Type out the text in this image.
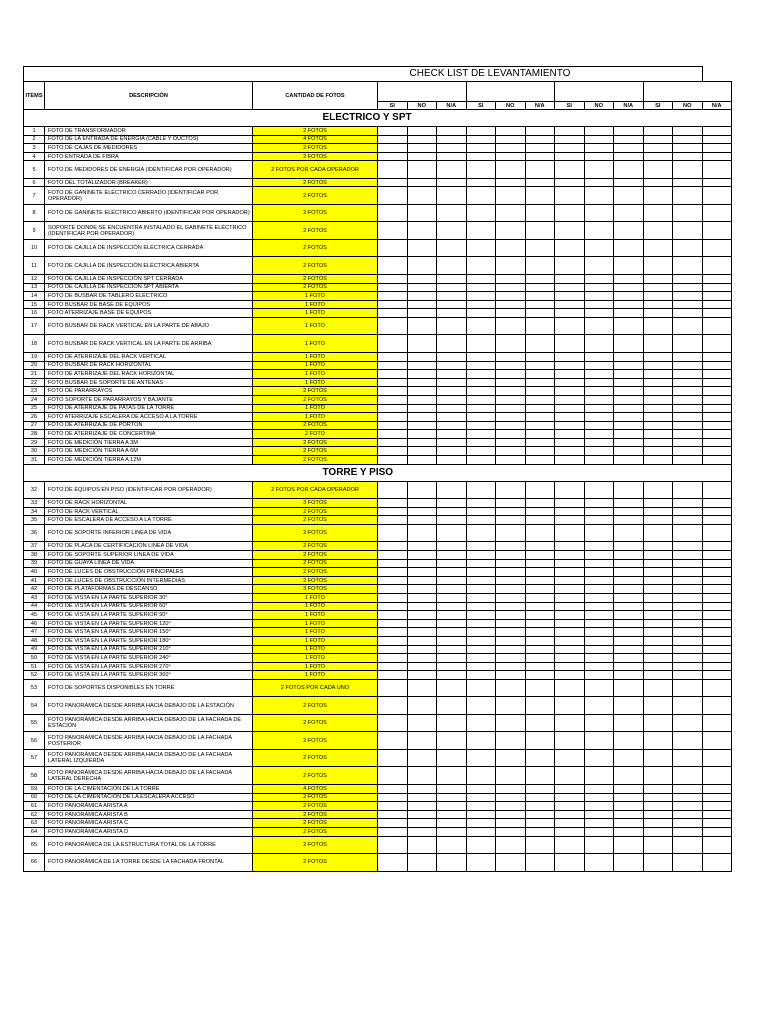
			CHECK LIST DE LEVANTAMIENTO											
ITEMS	DESCRIPCIÓN	CANTIDAD DE FOTOS												
			SI	NO	N/A	SI	NO	N/A	SI	NO	N/A	SI	NO	N/A
		ELECTRICO Y SPT												
1	FOTO DE TRANSFORMADOR	2 FOTOS												
2	FOTO DE LA ENTRADA DE ENERGIA (CABLE Y DUCTOS)	4 FOTOS												
3	FOTO DE CAJAS DE MEDIDORES	2 FOTOS												
4	FOTO ENTRADA DE FIBRA	2 FOTOS												
5	FOTO DE MEDIDORES DE ENERGÍA (IDENTIFICAR POR OPERADOR)	2 FOTOS POR CADA OPERADOR												
6	FOTO DEL TOTALIZADOR (BREAKER)	2 FOTOS												
7	FOTO DE GANINETE ELÉCTRICO CERRADO (IDENTIFICAR POR OPERADOR)	2 FOTOS												
8	FOTO DE GANINETE ELÉCTRICO ABIERTO (IDENTIFICAR POR OPERADOR)	2 FOTOS												
9	SOPORTE DONDE SE ENCUENTRA INSTALADO EL GABINETE ELÉCTRICO (IDENTIFICAR POR OPERADOR)	2 FOTOS												
10	FOTO DE CAJILLA DE INSPECCIÓN ELÉCTRICA CERRADA	2 FOTOS												
11	FOTO DE CAJILLA DE INSPECCIÓN ELÉCTRICA ABIERTA	2 FOTOS												
12	FOTO DE CAJILLA DE INSPECCIÓN SPT CERRADA	2 FOTOS												
13	FOTO DE CAJILLA DE INSPECCIÓN SPT ABIERTA	2 FOTOS												
14	FOTO DE BUSBAR DE TABLERO ELÉCTRICO	1 FOTO												
15	FOTO BUSBAR DE BASE DE EQUIPOS	1 FOTO												
16	FOTO ATERRIZAJE BASE DE EQUIPOS	1 FOTO												
17	FOTO BUSBAR DE RACK VERTICAL EN LA PARTE DE ABAJO	1 FOTO												
18	FOTO BUSBAR DE RACK VERTICAL EN LA PARTE DE ARRIBA	1 FOTO												
19	FOTO DE ATERRIZAJE DEL RACK VERTICAL	1 FOTO												
20	FOTO BUSBAR DE RACK HORIZONTAL	1 FOTO												
21	FOTO DE ATERRIZAJE DEL RACK HORIZONTAL	1 FOTO												
22	FOTO BUSBAR DE SOPORTE DE ANTENAS	1 FOTO												
23	FOTO DE PARARRAYOS	2 FOTOS												
24	FOTO SOPORTE DE PARARRAYOS Y BAJANTE	2 FOTOS												
25	FOTO DE ATERRIZAJE DE PATAS DE LA TORRE	1 FOTO												
26	FOTO ATERRIZAJE ESCALERA DE ACCESO A LA TORRE	1 FOTO												
27	FOTO DE ATERRIZAJE DE PORTÓN	2 FOTOS												
28	FOTO DE ATERRIZAJE DE CONCERTINA	2 FOTO												
29	FOTO DE MEDICIÓN TIERRA A 3M	2 FOTOS												
30	FOTO DE MEDICIÓN TIERRA A 6M	2 FOTOS												
31	FOTO DE MEDICIÓN TIERRA A 12M	2 FOTOS												
		TORRE Y PISO												
32	FOTO DE EQUIPOS EN PISO (IDENTIFICAR POR OPERADOR)	2 FOTOS POR CADA OPERADOR												
33	FOTO DE RACK HORIZONTAL	3 FOTOS												
34	FOTO DE RACK VERTICAL	2 FOTOS												
35	FOTO DE ESCALERA DE ACCESO A LA TORRE	2 FOTOS												
36	FOTO DE SOPORTE INFERIOR LINEA DE VIDA	2 FOTOS												
37	FOTO DE PLACA DE CERTIFICACIÓN LINEA DE VIDA	2 FOTOS												
38	FOTO DE SOPORTE SUPERIOR LINEA DE VIDA	2 FOTOS												
39	FOTO DE GUAYA LINEA DE VIDA	2 FOTOS												
40	FOTO DE LUCES DE OBSTRUCCIÓN PRINCIPALES	2 FOTOS												
41	FOTO DE LUCES DE OBSTRUCCIÓN INTERMEDIAS	2 FOTOS												
42	FOTO DE PLATAFORMAS DE DESCANSO	3 FOTOS												
43	FOTO DE VISTA EN LA PARTE SUPERIOR 30°	1 FOTO												
44	FOTO DE VISTA EN LA PARTE SUPERIOR 60°	1 FOTO												
45	FOTO DE VISTA EN LA PARTE SUPERIOR 90°	1 FOTO												
46	FOTO DE VISTA EN LA PARTE SUPERIOR 120°	1 FOTO												
47	FOTO DE VISTA EN LA PARTE SUPERIOR 150°	1 FOTO												
48	FOTO DE VISTA EN LA PARTE SUPERIOR 180°	1 FOTO												
49	FOTO DE VISTA EN LA PARTE SUPERIOR 210°	1 FOTO												
50	FOTO DE VISTA EN LA PARTE SUPERIOR 240°	1 FOTO												
51	FOTO DE VISTA EN LA PARTE SUPERIOR 270°	1 FOTO												
52	FOTO DE VISTA EN LA PARTE SUPERIOR 360°	1 FOTO												
53	FOTO DE SOPORTES DISPONIBLES EN TORRE	2 FOTOS POR CADA UNO												
54	FOTO PANORÁMICA DESDE ARRIBA HACIA DEBAJO DE LA ESTACIÓN	2 FOTOS												
55	FOTO PANORÁMICA DESDE ARRIBA HACIA DEBAJO DE LA FACHADA DE ESTACIÓN	2 FOTOS												
56	FOTO PANORÁMICA DESDE ARRIBA HACIA DEBAJO DE LA FACHADA POSTERIOR	2 FOTOS												
57	FOTO PANORÁMICA DESDE ARRIBA HACIA DEBAJO DE LA FACHADA LATERAL IZQUIERDA	2 FOTOS												
58	FOTO PANORÁMICA DESDE ARRIBA HACIA DEBAJO DE LA FACHADA LATERAL DERECHA	2 FOTOS												
59	FOTO DE LA CIMENTACIÓN DE LA TORRE	4 FOTOS												
60	FOTO DE LA CIMENTACIÓN DE LA ESCALERA ACCESO	2 FOTOS												
61	FOTO PANORÁMICA ARISTA A	2 FOTOS												
62	FOTO PANORÁMICA ARISTA B	2 FOTOS												
63	FOTO PANORÁMICA ARISTA C	2 FOTOS												
64	FOTO PANORÁMICA ARISTA D	2 FOTOS												
65	FOTO PANORÁMICA DE LA ESTRUCTURA TOTAL DE LA TORRE	2 FOTOS												
66	FOTO PANORÁMICA DE LA TORRE DESDE LA FACHADA FRONTAL	2 FOTOS												
